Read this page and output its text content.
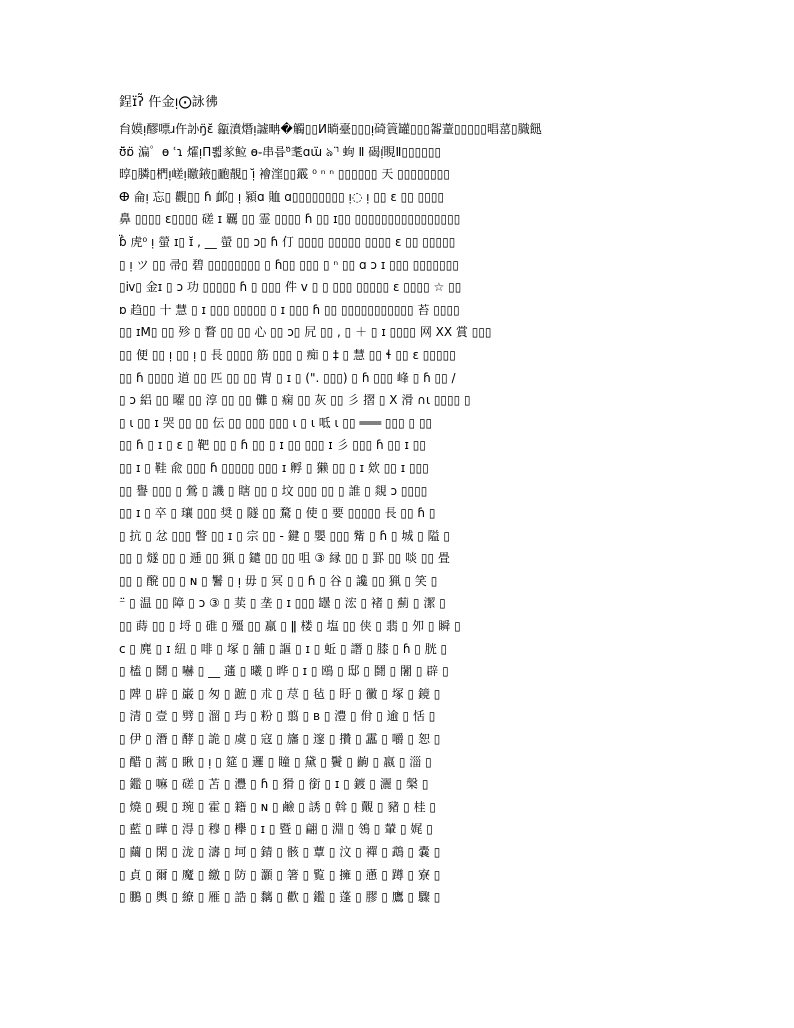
鋥ɪ̈ʔ̃ 仵金ᴉ⨀詠彿
䏍嫫ᴉ醪嘌ɹ仵䚱ŋ̈ɛ̆ 㽂濆熸ᴉ譃畘�觸▯▯Ͷ㫾臺▯▯▯ᴉ碕篢罐▯▯▯嗧蕫▯▯▯▯▯晿䔄▯膱䭀
ʊ̈̆ɒ̈ 㴜゜ѳ ʿɿ 㸌ᴉΠ뾟㒸䲞 ɵ֊串릅⁰̈耄ɑɯ̈ ঌ ˡ̈ 蚼 Ⅱ 碣ᴉⷩ睍Ⅱ▯▯▯▯▯▯
㬀▯膦▯椚ᴉ嵯ᴉ䁶䤳▯靤靚▯ ᴉ̆ 襘漥▯▯霵 ⁰ ⁿ ⁿ ▯▯▯▯▯▯ 天 ▯▯▯▯▯▯▯▯
ⴲ 侖ᴉ 忘▯ 觀▯▯ ɦ 䘏▯ ᴉ 潁ɑ 賉 ɑ▯▯▯▯▯▯▯▯ ᴉ◌ ᴉ ▯▯ ɛ ▯▯ ▯▯▯▯
鼻 ▯▯▯▯ ɛ▯▯▯▯ 磋 ɪ 覊 ▯▯ 霊 ▯▯▯▯ ɦ ▯▯ ɪ▯▯ ▯▯▯▯▯▯▯▯▯▯▯▯▯▯▯▯
ɓ̈ 虎⁰ ᴉ 螢 ɪ▯ ɪ̆ , __ 螢 ▯▯ ɔ▯ ɦ 仃 ▯▯▯▯ ▯▯▯▯▯ ▯▯▯▯ ɛ ▯▯ ▯▯▯▯▯
▯ ᴉ ツ ▯▯ 帚▯ 碧 ▯▯▯▯▯▯▯▯ ▯ ɦ▯▯ ▯▯▯ ▯ ⁿ ▯▯ ɑ ɔ ɪ ▯▯▯ ▯▯▯▯▯▯▯
▯ⅳ▯ 金ɪ ▯ ɔ 功 ▯▯▯▯▯ ɦ ▯ ▯▯▯ 件 ᴠ ▯ ▯ ▯▯▯ ▯▯▯▯▯ ɛ ▯▯▯▯ ☆ ▯▯
ɒ 趋▯▯ 十 慧 ▯ ɪ ▯▯▯ ▯▯▯▯▯ ▯ ɪ ▯▯▯ ɦ ▯▯ ▯▯▯▯▯▯▯▯▯▯▯ 苔 ▯▯▯▯
▯▯ ɪM▯ ▯▯ 殄 ▯ 瞀 ▯▯ ▯▯ 心 ▯▯ ɔ▯ 凥 ▯▯ , ▯ ＋ ▯ ɪ ▯▯▯▯ 网 XX 賞 ▯▯▯
▯▯ 便 ▯▯ ᴉ ▯▯ ᴉ ▯ 長 ▯▯▯▯ 筋 ▯▯▯ ▯ 痴 ▯ ‡ ▯ 慧 ▯▯ ɬ ▯▯ ɛ ▯▯▯▯▯
▯▯ ɦ ▯▯▯▯ 道 ▯▯ 匹 ▯▯ ▯▯ 冑 ▯ ɪ ▯ (". ▯▯▯) ▯ ɦ ▯▯▯ 峰 ▯ ɦ ▯▯ /
▯ ᴐ 絽 ▯▯ 曜 ▯▯ 淳 ▯▯ ▯▯ 儺 ▯ 痫 ▯▯ 灰 ▯▯ 彡 摺 ▯ X 滑 ∩ɩ ▯▯▯▯ ▯
▯ ɩ ▯▯ ɪ 哭 ▯▯ ▯▯ 伝 ▯▯ ▯▯▯ ▯▯▯ ɩ ▯ ɩ 呧 ɩ ▯▯ ═══ ▯▯▯ ▯ ▯▯
▯▯ ɦ ▯ ɪ ▯ ɛ ▯ 靶 ▯▯ ▯ ɦ ▯▯ ▯ ɪ ▯▯ ▯▯▯ ɪ 彡 ▯▯▯ ɦ ▯▯ ɪ ▯▯
▯▯ ɪ ▯ 鞋 兪 ▯▯▯ ɦ ▯▯▯▯▯ ▯▯▯ ɪ 孵 ▯ 獭 ▯▯ ▯ ɪ 欸 ▯▯ ɪ ▯▯▯
▯▯ 譽 ▯▯▯ ▯ 鶯 ▯ 譏 ▯ 瞎 ▯▯ ▯ 坟 ▯▯▯ ▯▯ ▯ 誰 ▯ 覢 ɔ ▯▯▯▯
▯▯ ɪ ▯ 卒 ▯ 瓖 ▯▯▯ 奨 ▯ 隧 ▯▯ 騖 ▯ 使 ▯ 要 ▯▯▯▯▯ 長 ▯▯ ɦ ▯
▯ 抗 ▯ 忿 ▯▯▯ 瞥 ▯▯ ɪ ▯ 宗 ▯▯ - 鍵 ▯ 嬰 ▯▯▯ 觜 ▯ ɦ ▯ 城 ▯ 隘 ▯
▯▯ ▯ 燧 ▯▯ ▯ 逓 ▯▯ 猟 ▯ 鑓 ▯▯ ▯▯ 咀 ③ 縁 ▯▯ ▯ 罫 ▯▯ 啖 ▯▯ 畳
▯▯ ▯ 醗 ▯▯ ▯ ɴ ▯ 鬐 ▯ ᴉ 毋 ▯ 冥 ▯ ▯ ɦ ▯ 谷 ▯ 讒 ▯▯ 猟 ▯ 笑 ▯
⁻̈ ▯ 温 ▯▯ 障 ▯ ᴐ ③ ▯ 荬 ▯ 垄 ▯ ɪ ▯▯▯ 罎 ▯ 浤 ▯ 褚 ▯ 薊 ▯ 潔 ▯
▯▯ 蒔 ▯▯ ▯ 埒 ▯ 碓 ▯ 殭 ▯▯ 羸 ▯ ǁ 楼 ▯ 塩 ▯▯ 侠 ▯ 翡 ▯ 夘 ▯ 瞬 ▯
ⅽ ▯ 麂 ▯ ɪ 紐 ▯ 啡 ▯ 塚 ▯ 舖 ▯ 謳 ▯ ɪ ▯ 蚯 ▯ 譖 ▯ 膝 ▯ ɦ ▯ 胱 ▯
▯ 榼 ▯ 鬪 ▯ 嚇 ▯ __ 蓪 ▯ 曦 ▯ 晔 ▯ ɪ ▯ 鴎 ▯ 邸 ▯ 鬪 ▯ 闍 ▯ 辟 ▯
▯ 陴 ▯ 辟 ▯ 巌 ▯ 匆 ▯ 蹠 ▯ 朮 ▯ 荩 ▯ 毡 ▯ 盱 ▯ 黴 ▯ 塚 ▯ 鏡 ▯
▯ 清 ▯ 壹 ▯ 劈 ▯ 溜 ▯ 玙 ▯ 粉 ▯ 翦 ▯ ʙ ▯ 澧 ▯ 佾 ▯ 逾 ▯ 恬 ▯
▯ 伊 ▯ 潛 ▯ 酵 ▯ 詭 ▯ 虞 ▯ 寇 ▯ 旛 ▯ 邃 ▯ 攢 ▯ 靁 ▯ 嚼 ▯ 恕 ▯
▯ 醋 ▯ 蒿 ▯ 瞅 ▯ ᴉ ▯ 筵 ▯ 邏 ▯ 瞳 ▯ 黛 ▯ 鬢 ▯ 齣 ▯ 嬴 ▯ 淄 ▯
▯ 鑑 ▯ 嘛 ▯ 磋 ▯ 苫 ▯ 灃 ▯ ɦ ▯ 猾 ▯ 銜 ▯ ɪ ▯ 鍍 ▯ 灑 ▯ 槃 ▯
▯ 燒 ▯ 覡 ▯ 琬 ▯ 霍 ▯ 籍 ▯ ɴ ▯ 鹼 ▯ 誘 ▯ 斡 ▯ 覿 ▯ 豬 ▯ 桂 ▯
▯ 藍 ▯ 曄 ▯ 淂 ▯ 穆 ▯ 欅 ▯ ɪ ▯ 暨 ▯ 翩 ▯ 淵 ▯ 鴒 ▯ 輦 ▯ 娓 ▯
▯ 繭 ▯ 閑 ▯ 泷 ▯ 濤 ▯ 坷 ▯ 錆 ▯ 骸 ▯ 蕈 ▯ 汶 ▯ 禪 ▯ 鵡 ▯ 嚢 ▯
▯ 貞 ▯ 爾 ▯ 魔 ▯ 繳 ▯ 防 ▯ 灝 ▯ 箸 ▯ 覧 ▯ 擁 ▯ 懣 ▯ 蹲 ▯ 寮 ▯
▯ 鵬 ▯ 輿 ▯ 繚 ▯ 雁 ▯ 誥 ▯ 黐 ▯ 歡 ▯ 鑑 ▯ 蓬 ▯ 膠 ▯ 鷹 ▯ 驟 ▯
